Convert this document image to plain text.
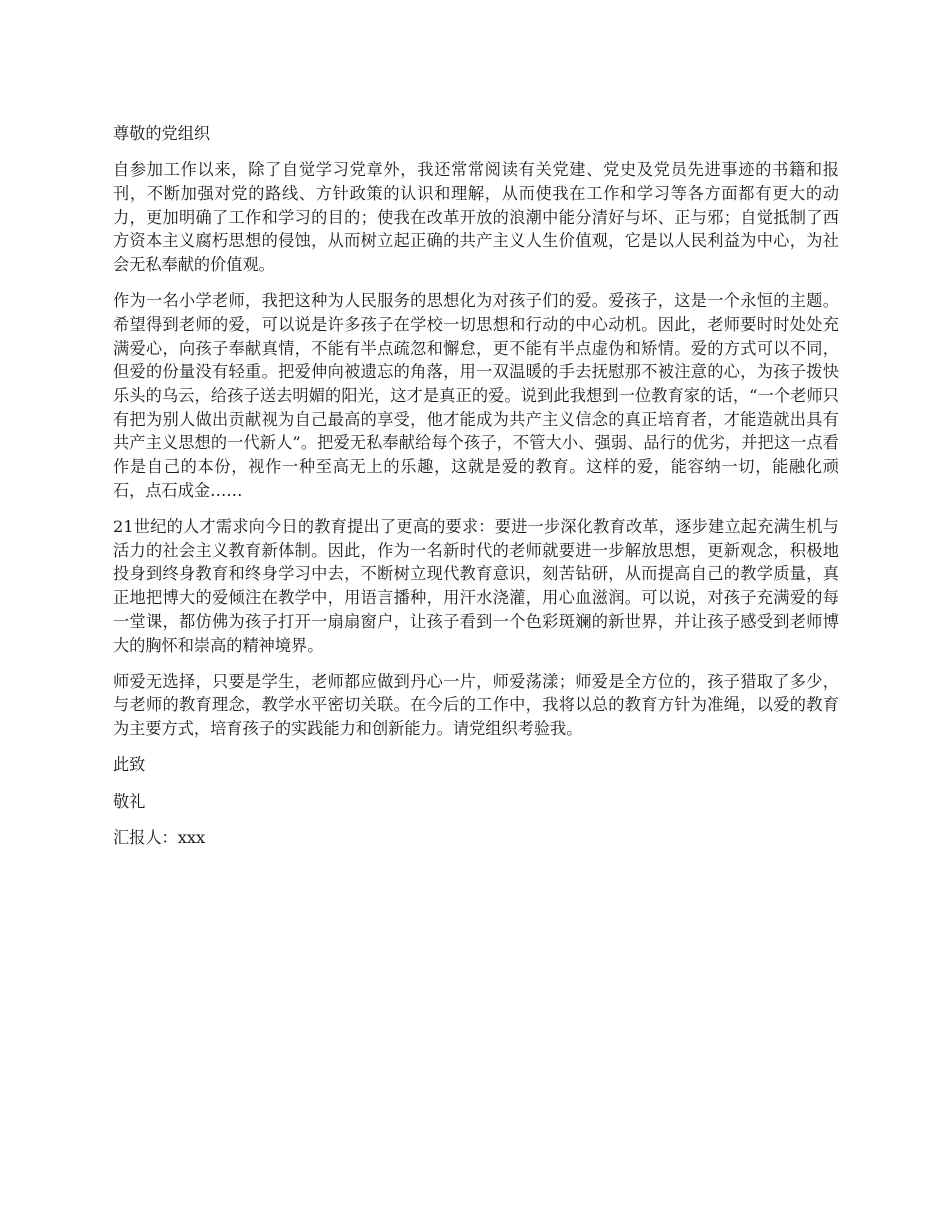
尊敬的党组织

自参加工作以来，除了自觉学习党章外，我还常常阅读有关党建、党史及党员先进事迹的书籍和报刊，不断加强对党的路线、方针政策的认识和理解，从而使我在工作和学习等各方面都有更大的动力，更加明确了工作和学习的目的；使我在改革开放的浪潮中能分清好与坏、正与邪；自觉抵制了西方资本主义腐朽思想的侵蚀，从而树立起正确的共产主义人生价值观，它是以人民利益为中心，为社会无私奉献的价值观。

作为一名小学老师，我把这种为人民服务的思想化为对孩子们的爱。爱孩子，这是一个永恒的主题。希望得到老师的爱，可以说是许多孩子在学校一切思想和行动的中心动机。因此，老师要时时处处充满爱心，向孩子奉献真情，不能有半点疏忽和懈怠，更不能有半点虚伪和矫情。爱的方式可以不同，但爱的份量没有轻重。把爱伸向被遗忘的角落，用一双温暖的手去抚慰那不被注意的心，为孩子拨快乐头的乌云，给孩子送去明媚的阳光，这才是真正的爱。说到此我想到一位教育家的话，“一个老师只有把为别人做出贡献视为自己最高的享受，他才能成为共产主义信念的真正培育者，才能造就出具有共产主义思想的一代新人”。把爱无私奉献给每个孩子，不管大小、强弱、品行的优劣，并把这一点看作是自己的本份，视作一种至高无上的乐趣，这就是爱的教育。这样的爱，能容纳一切，能融化顽石，点石成金……

21世纪的人才需求向今日的教育提出了更高的要求：要进一步深化教育改革，逐步建立起充满生机与活力的社会主义教育新体制。因此，作为一名新时代的老师就要进一步解放思想，更新观念，积极地投身到终身教育和终身学习中去，不断树立现代教育意识，刻苦钻研，从而提高自己的教学质量，真正地把博大的爱倾注在教学中，用语言播种，用汗水浇灌，用心血滋润。可以说，对孩子充满爱的每一堂课，都仿佛为孩子打开一扇扇窗户，让孩子看到一个色彩斑斓的新世界，并让孩子感受到老师博大的胸怀和崇高的精神境界。

师爱无选择，只要是学生，老师都应做到丹心一片，师爱荡漾；师爱是全方位的，孩子猎取了多少，与老师的教育理念，教学水平密切关联。在今后的工作中，我将以总的教育方针为准绳，以爱的教育为主要方式，培育孩子的实践能力和创新能力。请党组织考验我。

此致

敬礼

汇报人：xxx
